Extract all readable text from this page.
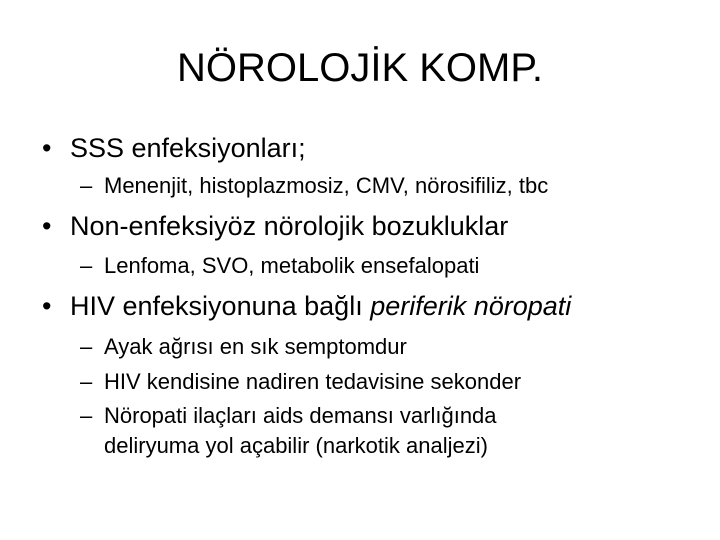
NÖROLOJİK KOMP.
• SSS enfeksiyonları;
– Menenjit, histoplazmosiz, CMV, nörosifiliz, tbc
• Non-enfeksiyöz nörolojik bozukluklar
– Lenfoma, SVO, metabolik ensefalopati
• HIV enfeksiyonuna bağlı periferik nöropati
– Ayak ağrısı en sık semptomdur
– HIV kendisine nadiren tedavisine sekonder
– Nöropati ilaçları aids demansı varlığında
deliryuma yol açabilir (narkotik analjezi)
